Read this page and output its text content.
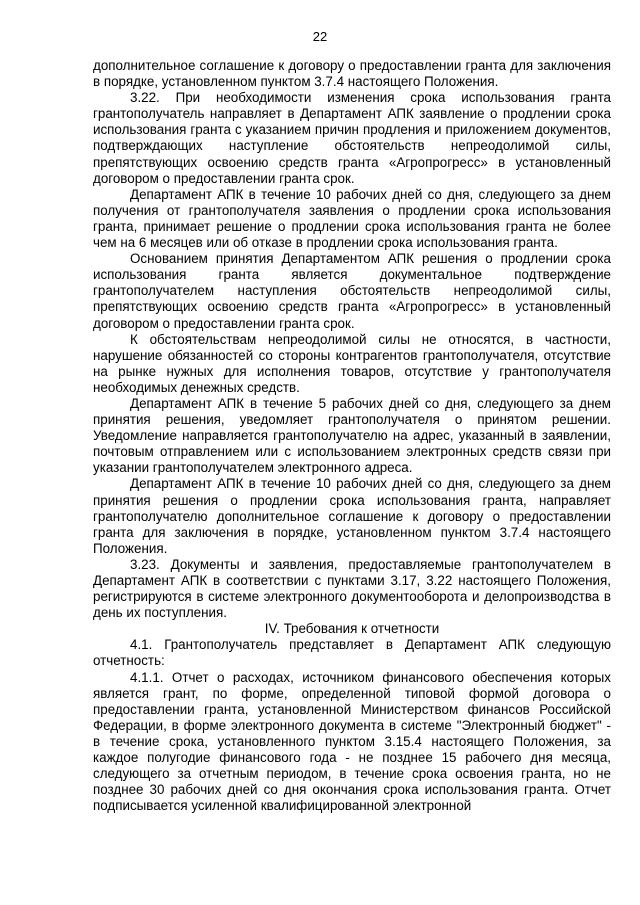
22

дополнительное соглашение к договору о предоставлении гранта для заключения в порядке, установленном пунктом 3.7.4 настоящего Положения.

3.22. При необходимости изменения срока использования гранта грантополучатель направляет в Департамент АПК заявление о продлении срока использования гранта с указанием причин продления и приложением документов, подтверждающих наступление обстоятельств непреодолимой силы, препятствующих освоению средств гранта «Агропрогресс» в установленный договором о предоставлении гранта срок.

Департамент АПК в течение 10 рабочих дней со дня, следующего за днем получения от грантополучателя заявления о продлении срока использования гранта, принимает решение о продлении срока использования гранта не более чем на 6 месяцев или об отказе в продлении срока использования гранта.

Основанием принятия Департаментом АПК решения о продлении срока использования гранта является документальное подтверждение грантополучателем наступления обстоятельств непреодолимой силы, препятствующих освоению средств гранта «Агропрогресс» в установленный договором о предоставлении гранта срок.

К обстоятельствам непреодолимой силы не относятся, в частности, нарушение обязанностей со стороны контрагентов грантополучателя, отсутствие на рынке нужных для исполнения товаров, отсутствие у грантополучателя необходимых денежных средств.

Департамент АПК в течение 5 рабочих дней со дня, следующего за днем принятия решения, уведомляет грантополучателя о принятом решении. Уведомление направляется грантополучателю на адрес, указанный в заявлении, почтовым отправлением или с использованием электронных средств связи при указании грантополучателем электронного адреса.

Департамент АПК в течение 10 рабочих дней со дня, следующего за днем принятия решения о продлении срока использования гранта, направляет грантополучателю дополнительное соглашение к договору о предоставлении гранта для заключения в порядке, установленном пунктом 3.7.4 настоящего Положения.

3.23. Документы и заявления, предоставляемые грантополучателем в Департамент АПК в соответствии с пунктами 3.17, 3.22 настоящего Положения, регистрируются в системе электронного документооборота и делопроизводства в день их поступления.

IV. Требования к отчетности

4.1. Грантополучатель представляет в Департамент АПК следующую отчетность:

4.1.1. Отчет о расходах, источником финансового обеспечения которых является грант, по форме, определенной типовой формой договора о предоставлении гранта, установленной Министерством финансов Российской Федерации, в форме электронного документа в системе "Электронный бюджет" - в течение срока, установленного пунктом 3.15.4 настоящего Положения, за каждое полугодие финансового года - не позднее 15 рабочего дня месяца, следующего за отчетным периодом, в течение срока освоения гранта, но не позднее 30 рабочих дней со дня окончания срока использования гранта. Отчет подписывается усиленной квалифицированной электронной
